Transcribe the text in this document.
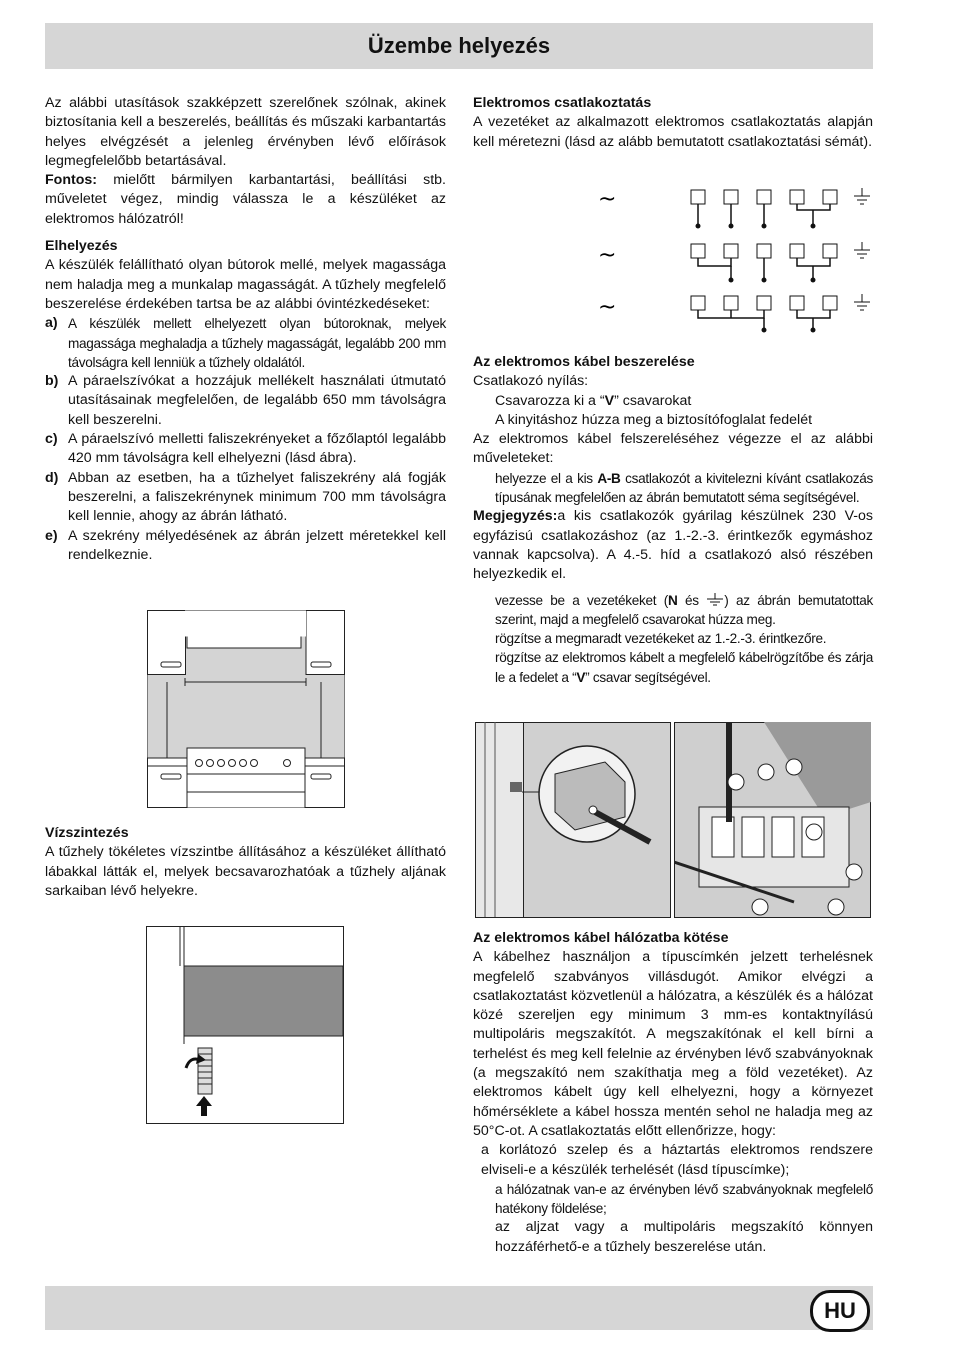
Üzembe helyezés

Az alábbi utasítások szakképzett szerelőnek szólnak, akinek biztosítania kell a beszerelés, beállítás és műszaki karbantartás helyes elvégzését a jelenleg érvényben lévő előírások legmegfelelőbb betartásával.

Fontos: mielőtt bármilyen karbantartási, beállítási stb. műveletet végez, mindig válassza le a készüléket az elektromos hálózatról!

Elhelyezés

A készülék felállítható olyan bútorok mellé, melyek magassága nem haladja meg a munkalap magasságát. A tűzhely megfelelő beszerelése érdekében tartsa be az alábbi óvintézkedéseket:

a) A készülék mellett elhelyezett olyan bútoroknak, melyek magassága meghaladja a tűzhely magasságát, legalább 200 mm távolságra kell lenniük a tűzhely oldalától.
b) A páraelszívókat a hozzájuk mellékelt használati útmutató utasításainak megfelelően, de legalább 650 mm távolságra kell beszerelni.
c) A páraelszívó melletti faliszekrényeket a főzőlaptól legalább 420 mm távolságra kell elhelyezni (lásd ábra).
d) Abban az esetben, ha a tűzhelyet faliszekrény alá fogják beszerelni, a faliszekrénynek minimum 700 mm távolságra kell lennie, ahogy az ábrán látható.
e) A szekrény mélyedésének az ábrán jelzett méretekkel kell rendelkeznie.
Vízszintezés

A tűzhely tökéletes vízszintbe állításához a készüléket állítható lábakkal látták el, melyek becsavarozhatóak a tűzhely aljának sarkaiban lévő helyekre.

Elektromos csatlakoztatás

A vezetéket az alkalmazott elektromos csatlakoztatás alapján kell méretezni (lásd az alább bemutatott csatlakoztatási sémát).

~
~
~
Az elektromos kábel beszerelése

Csatlakozó nyílás:

Csavarozza ki a “V” csavarokat

A kinyitáshoz húzza meg a biztosítófoglalat fedelét

Az elektromos kábel felszereléséhez végezze el az alábbi műveleteket:

helyezze el a kis A-B csatlakozót a kivitelezni kívánt csatlakozás típusának megfelelően az ábrán bemutatott séma segítségével.

Megjegyzés:a kis csatlakozók gyárilag készülnek 230 V-os egyfázisú csatlakozáshoz (az 1.-2.-3. érintkezők egymáshoz vannak kapcsolva). A 4.-5. híd a csatlakozó alsó részében helyezkedik el.

vezesse be a vezetékeket (N és ) az ábrán bemutatottak szerint, majd a megfelelő csavarokat húzza meg.

rögzítse a megmaradt vezetékeket az 1.-2.-3. érintkezőre.

rögzítse az elektromos kábelt a megfelelő kábelrögzítőbe és zárja le a fedelet a “V” csavar segítségével.

Az elektromos kábel hálózatba kötése

A kábelhez használjon a típuscímkén jelzett terhelésnek megfelelő szabványos villásdugót. Amikor elvégzi a csatlakoztatást közvetlenül a hálózatra, a készülék és a hálózat közé szereljen egy minimum 3 mm-es kontaktnyílású multipoláris megszakítót. A megszakítónak el kell bírni a terhelést és meg kell felelnie az érvényben lévő szabványoknak (a megszakító nem szakíthatja meg a föld vezetéket). Az elektromos kábelt úgy kell elhelyezni, hogy a környezet hőmérséklete a kábel hossza mentén sehol ne haladja meg az 50°C-ot. A csatlakoztatás előtt ellenőrizze, hogy:

a korlátozó szelep és a háztartás elektromos rendszere elviseli-e a készülék terhelését (lásd típuscímke);

a hálózatnak van-e az érvényben lévő szabványoknak megfelelő hatékony földelése;

az aljzat vagy a multipoláris megszakító könnyen hozzáférhető-e a tűzhely beszerelése után.

HU
